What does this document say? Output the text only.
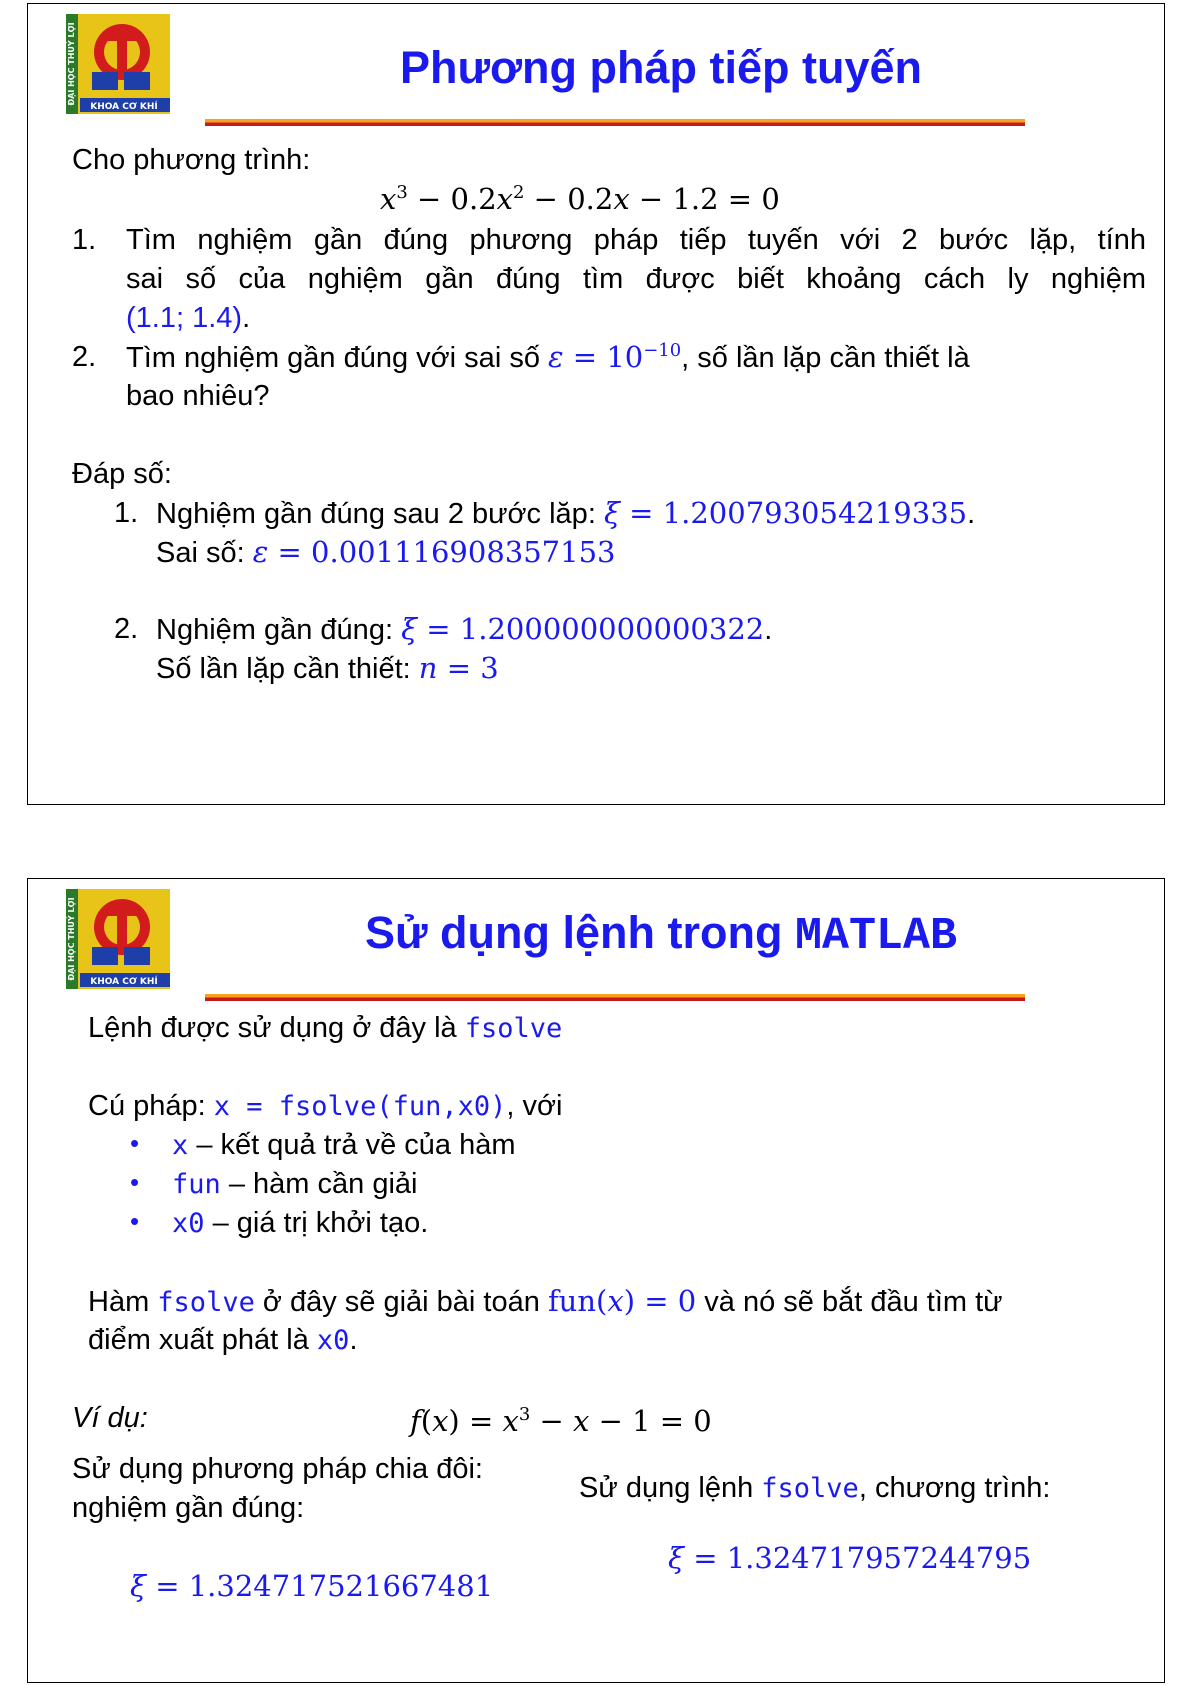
ĐẠI HỌC THUỶ LỢI
KHOA CƠ KHÍ
Phương pháp tiếp tuyến
Cho phương trình:
$x^3 - 0.2x^2 - 0.2x - 1.2 = 0$
1. Tìm nghiệm gần đúng phương pháp tiếp tuyến với 2 bước lặp, tính
sai số của nghiệm gần đúng tìm được biết khoảng cách ly nghiệm
(1.1; 1.4).
2. Tìm nghiệm gần đúng với sai số $\varepsilon = 10^{-10}$, số lần lặp cần thiết là
bao nhiêu?
Đáp số:
1. Nghiệm gần đúng sau 2 bước lăp: ξ = 1.200793054219335.
Sai số: ε = 0.001116908357153
2. Nghiệm gần đúng: ξ = 1.200000000000322.
Số lần lặp cần thiết: n = 3
ĐẠI HỌC THUỶ LỢI
KHOA CƠ KHÍ
Sử dụng lệnh trong MATLAB
Lệnh được sử dụng ở đây là fsolve
Cú pháp: x = fsolve(fun,x0), với
• x – kết quả trả về của hàm
• fun – hàm cần giải
• x0 – giá trị khởi tạo.
Hàm fsolve ở đây sẽ giải bài toán fun(x) = 0 và nó sẽ bắt đầu tìm từ
điểm xuất phát là x0.
Ví dụ:	$f(x) = x^3 - x - 1 = 0$
Sử dụng phương pháp chia đôi:
nghiệm gần đúng:
Sử dụng lệnh fsolve, chương trình:
ξ = 1.324717957244795
ξ = 1.324717521667481
